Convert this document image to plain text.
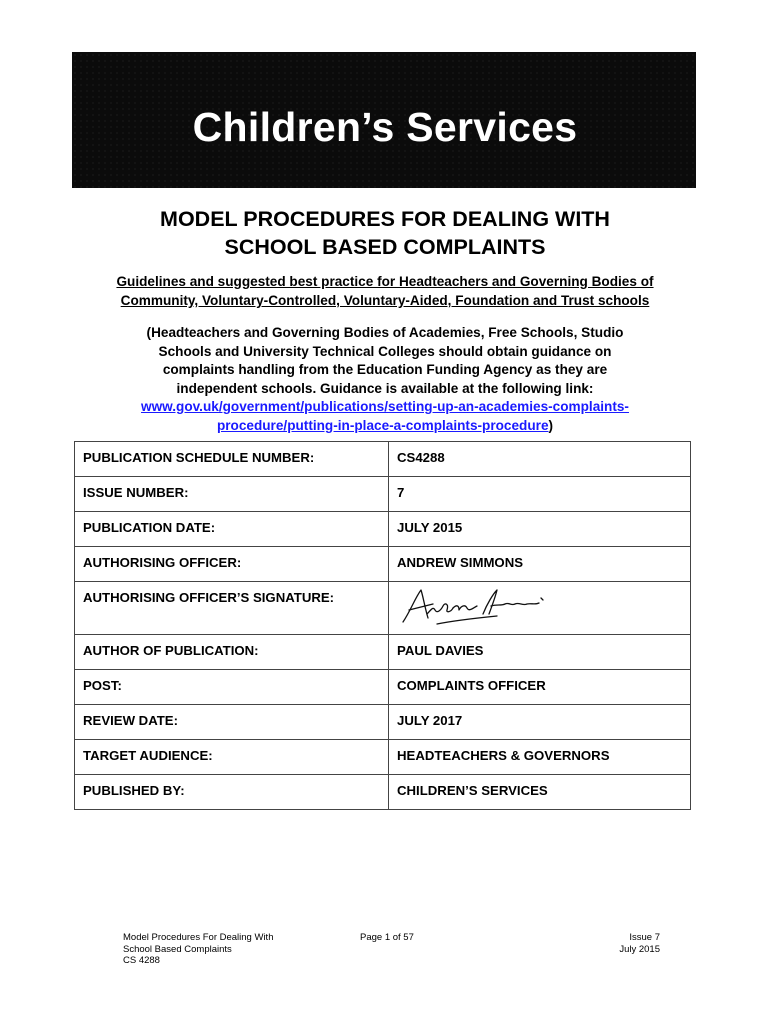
Children’s Services
MODEL PROCEDURES FOR DEALING WITH
SCHOOL BASED COMPLAINTS
Guidelines and suggested best practice for Headteachers and Governing Bodies of
Community, Voluntary-Controlled, Voluntary-Aided, Foundation and Trust schools
(Headteachers and Governing Bodies of Academies, Free Schools, Studio
Schools and University Technical Colleges should obtain guidance on
complaints handling from the Education Funding Agency as they are
independent schools. Guidance is available at the following link:
www.gov.uk/government/publications/setting-up-an-academies-complaints-
procedure/putting-in-place-a-complaints-procedure)
PUBLICATION SCHEDULE NUMBER:	CS4288
ISSUE NUMBER:	7
PUBLICATION DATE:	JULY 2015
AUTHORISING OFFICER:	ANDREW SIMMONS
AUTHORISING OFFICER’S SIGNATURE:	

AUTHOR OF PUBLICATION:	PAUL DAVIES
POST:	COMPLAINTS OFFICER
REVIEW DATE:	JULY 2017
TARGET AUDIENCE:	HEADTEACHERS & GOVERNORS
PUBLISHED BY:	CHILDREN’S SERVICES
Model Procedures For Dealing With
School Based Complaints
CS 4288
Page 1 of 57	Issue 7
July 2015
